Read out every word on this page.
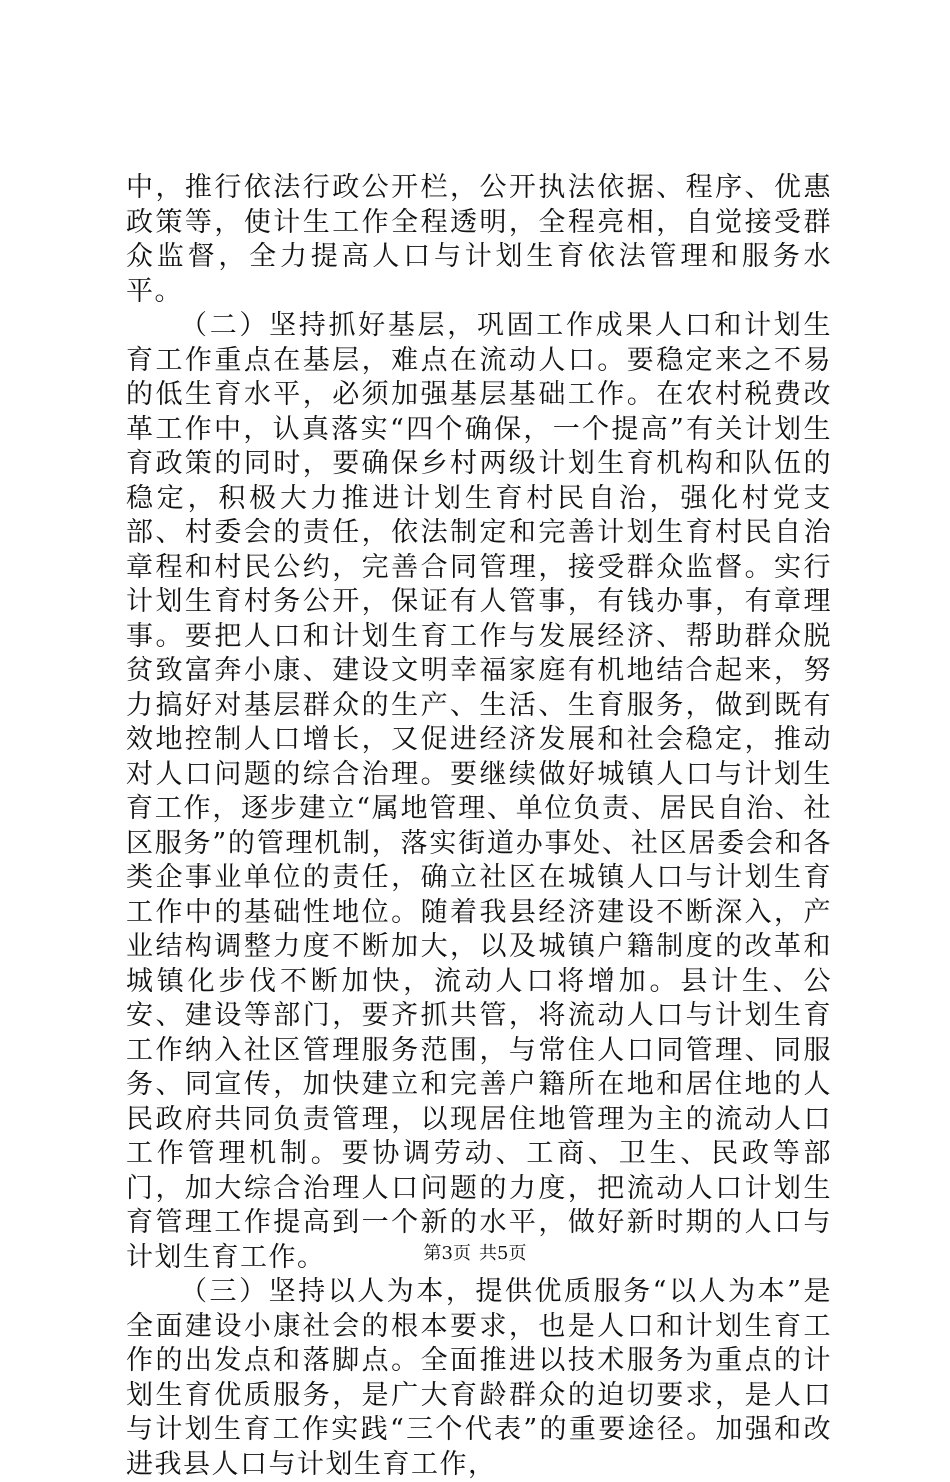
中，推行依法行政公开栏，公开执法依据、程序、优惠政策等，使计生工作全程透明，全程亮相，自觉接受群众监督，全力提高人口与计划生育依法管理和服务水平。

（二）坚持抓好基层，巩固工作成果人口和计划生育工作重点在基层，难点在流动人口。要稳定来之不易的低生育水平，必须加强基层基础工作。在农村税费改革工作中，认真落实“四个确保，一个提高”有关计划生育政策的同时，要确保乡村两级计划生育机构和队伍的稳定，积极大力推进计划生育村民自治，强化村党支部、村委会的责任，依法制定和完善计划生育村民自治章程和村民公约，完善合同管理，接受群众监督。实行计划生育村务公开，保证有人管事，有钱办事，有章理事。要把人口和计划生育工作与发展经济、帮助群众脱贫致富奔小康、建设文明幸福家庭有机地结合起来，努力搞好对基层群众的生产、生活、生育服务，做到既有效地控制人口增长，又促进经济发展和社会稳定，推动对人口问题的综合治理。要继续做好城镇人口与计划生育工作，逐步建立“属地管理、单位负责、居民自治、社区服务”的管理机制，落实街道办事处、社区居委会和各类企事业单位的责任，确立社区在城镇人口与计划生育工作中的基础性地位。随着我县经济建设不断深入，产业结构调整力度不断加大，以及城镇户籍制度的改革和城镇化步伐不断加快，流动人口将增加。县计生、公安、建设等部门，要齐抓共管，将流动人口与计划生育工作纳入社区管理服务范围，与常住人口同管理、同服务、同宣传，加快建立和完善户籍所在地和居住地的人民政府共同负责管理，以现居住地管理为主的流动人口工作管理机制。要协调劳动、工商、卫生、民政等部门，加大综合治理人口问题的力度，把流动人口计划生育管理工作提高到一个新的水平，做好新时期的人口与计划生育工作。

（三）坚持以人为本，提供优质服务“以人为本”是全面建设小康社会的根本要求，也是人口和计划生育工作的出发点和落脚点。全面推进以技术服务为重点的计划生育优质服务，是广大育龄群众的迫切要求，是人口与计划生育工作实践“三个代表”的重要途径。加强和改进我县人口与计划生育工作，

第3页 共5页
